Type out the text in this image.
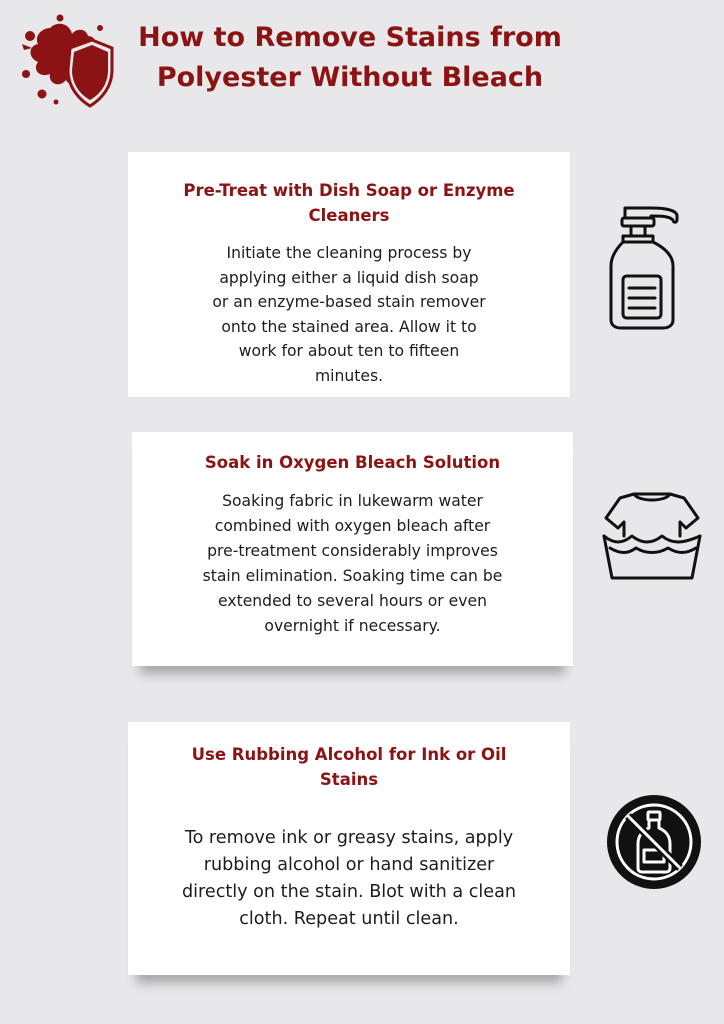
How to Remove Stains from
Polyester Without Bleach
Pre-Treat with Dish Soap or Enzyme
Cleaners

Initiate the cleaning process by
applying either a liquid dish soap
or an enzyme-based stain remover
onto the stained area. Allow it to
work for about ten to fifteen
minutes.

Soak in Oxygen Bleach Solution

Soaking fabric in lukewarm water
combined with oxygen bleach after
pre-treatment considerably improves
stain elimination. Soaking time can be
extended to several hours or even
overnight if necessary.

Use Rubbing Alcohol for Ink or Oil
Stains

To remove ink or greasy stains, apply
rubbing alcohol or hand sanitizer
directly on the stain. Blot with a clean
cloth. Repeat until clean.
